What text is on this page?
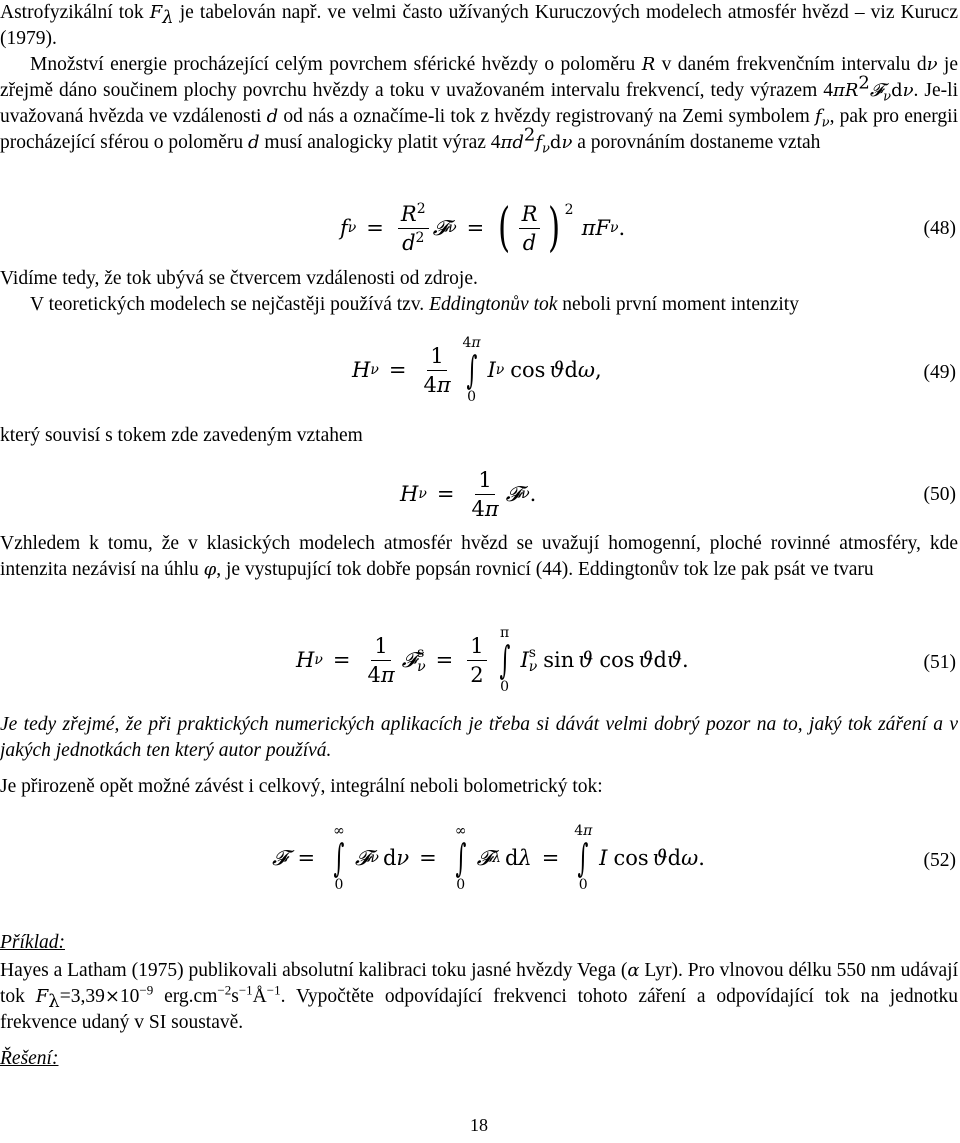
Astrofyzikální tok $F_\lambda$ je tabelován např. ve velmi často užívaných Kuruczových modelech atmosfér hvězd – viz Kurucz (1979).

Množství energie procházející celým povrchem sférické hvězdy o poloměru R v daném frekvenčním intervalu dν je zřejmě dáno součinem plochy povrchu hvězdy a toku v uvažovaném intervalu frekvencí, tedy výrazem $4\pi R^2𝓕_\nu d\nu$. Je-li uvažovaná hvězda ve vzdálenosti d od nás a označíme-li tok z hvězdy registrovaný na Zemi symbolem $f_\nu$, pak pro energii procházející sférou o poloměru d musí analogicky platit výraz $4\pi d^2f_\nu d\nu$ a porovnáním dostaneme vztah

f $\nu = \frac{R^2}{d^2}$ 𝓕 ν = ( $\frac{R}{d}$ ) $^2$
πF ν .	(48)

Vidíme tedy, že tok ubývá se čtvercem vzdálenosti od zdroje.

V teoretických modelech se nejčastěji používá tzv. Eddingtonův tok neboli první moment intenzity

H $\nu = \frac{1}{4\pi}$
4π
∫
0
I ν cos ϑ d ω ,	(49)

který souvisí s tokem zde zavedeným vztahem

H $\nu = \frac{1}{4\pi}$ 𝓕 ν .	(50)

Vzhledem k tomu, že v klasických modelech atmosfér hvězd se uvažují homogenní, ploché rovinné atmosféry, kde intenzita nezávisí na úhlu φ, je vystupující tok dobře popsán rovnicí (44). Eddingtonův tok lze pak psát ve tvaru

H $\nu = \frac{1}{4\pi}$ 𝓕 s
$\nu = \frac{1}{2}$
π
∫
0
I s
ν sin ϑ cos ϑ d ϑ .	(51)

Je tedy zřejmé, že při praktických numerických aplikacích je třeba si dávát velmi dobrý pozor na to, jaký tok záření a v jakých jednotkách ten který autor používá.

Je přirozeně opět možné závést i celkový, integrální neboli bolometrický tok:

𝓕 =
∞
∫
0
𝓕 ν d ν =
∞
∫
0
𝓕 λ d λ =
4π
∫
0
I cos ϑ d ω .	(52)

Příklad:

Hayes a Latham (1975) publikovali absolutní kalibraci toku jasné hvězdy Vega (α Lyr). Pro vlnovou délku 550 nm udávají tok $F_\lambda=3,39\times 10^{-9}$ $erg.cm^{-2}s^{-1}Å^{-1}$. Vypočtěte odpovídající frekvenci tohoto záření a odpovídající tok na jednotku frekvence udaný v SI soustavě.

Řešení:

18
